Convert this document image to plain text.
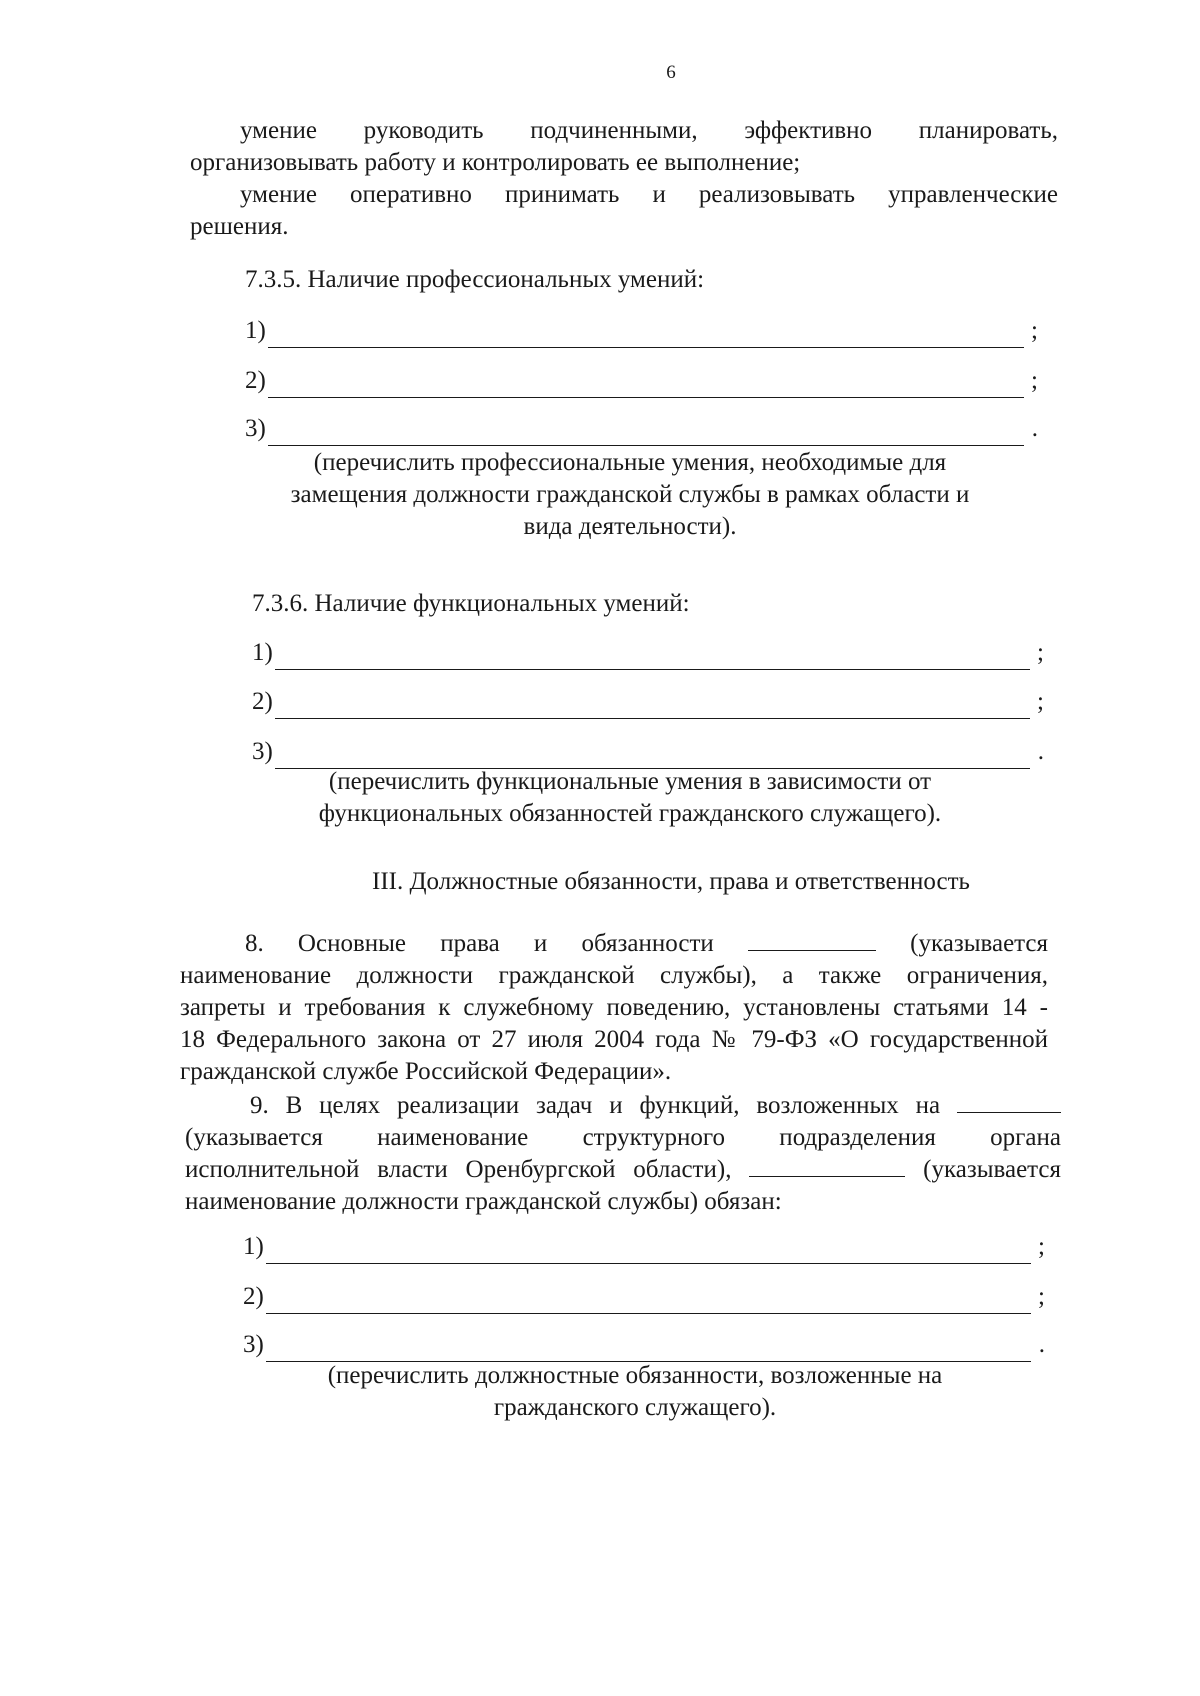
6
умение руководить подчиненными, эффективно планировать,
организовывать работу и контролировать ее выполнение;
умение оперативно принимать и реализовывать управленческие
решения.
7.3.5. Наличие профессиональных умений:
1)	;
2)	;
3)	.
(перечислить профессиональные умения, необходимые для
замещения должности гражданской службы в рамках области и
вида деятельности).
7.3.6. Наличие функциональных умений:
1)	;
2)	;
3)	.
(перечислить функциональные умения в зависимости от
функциональных обязанностей гражданского служащего).
III. Должностные обязанности, права и ответственность
8. Основные права и обязанности	(указывается
наименование должности гражданской службы), а также ограничения,
запреты и требования к служебному поведению, установлены статьями 14 -
18 Федерального закона от 27 июля 2004 года № 79-ФЗ «О государственной
гражданской службе Российской Федерации».
9. В целях реализации задач и функций, возложенных на
(указывается наименование структурного подразделения органа
исполнительной власти Оренбургской области),	(указывается
наименование должности гражданской службы) обязан:
1)	;
2)	;
3)	.
(перечислить должностные обязанности, возложенные на
гражданского служащего).
